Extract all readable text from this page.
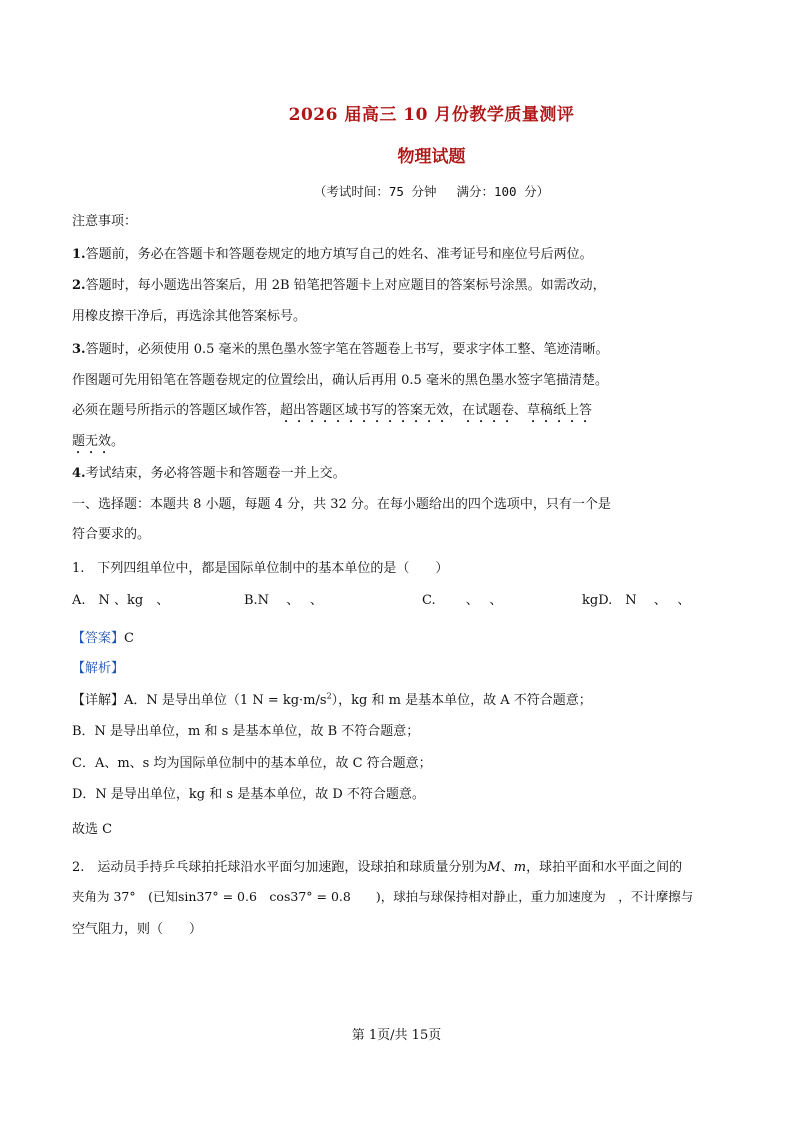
2026 届高三 10 月份教学质量测评
物理试题
（考试时间：75 分钟　 满分：100 分）
注意事项：
1.答题前，务必在答题卡和答题卷规定的地方填写自己的姓名、准考证号和座位号后两位。
2.答题时，每小题选出答案后，用 2B 铅笔把答题卡上对应题目的答案标号涂黑。如需改动，
用橡皮擦干净后，再选涂其他答案标号。
3.答题时，必须使用 0.5 毫米的黑色墨水签字笔在答题卷上书写，要求字体工整、笔迹清晰。
作图题可先用铅笔在答题卷规定的位置绘出，确认后再用 0.5 毫米的黑色墨水签字笔描清楚。
必须在题号所指示的答题区域作答，超出答题区域书写的答案无效，在试题卷、草稿纸上答
题无效。
4.考试结束，务必将答题卡和答题卷一并上交。
一、选择题：本题共 8 小题，每题 4 分，共 32 分。在每小题给出的四个选项中，只有一个是
符合要求的。
1.　下列四组单位中，都是国际单位制中的基本单位的是（　　）
A.　N 、kg　、	B.N　 、　 、	C.　　 、　 、	kgD.　N　 、　 、
【答案】C
【解析】
【详解】A．N 是导出单位（1 $N = kg\cdot m/s^2$），kg 和 m 是基本单位，故 A 不符合题意；
B．N 是导出单位，m 和 s 是基本单位，故 B 不符合题意；
C．A、m、s 均为国际单位制中的基本单位，故 C 符合题意；
D．N 是导出单位，kg 和 s 是基本单位，故 D 不符合题意。
故选 C
2.　运动员手持乒乓球拍托球沿水平面匀加速跑，设球拍和球质量分别为M、m，球拍平面和水平面之间的
夹角为 37°　(已知sin37° = 0.6　cos37° = 0.8　　)，球拍与球保持相对静止，重力加速度为　，不计摩擦与
空气阻力，则（　　）
第 1页/共 15页
